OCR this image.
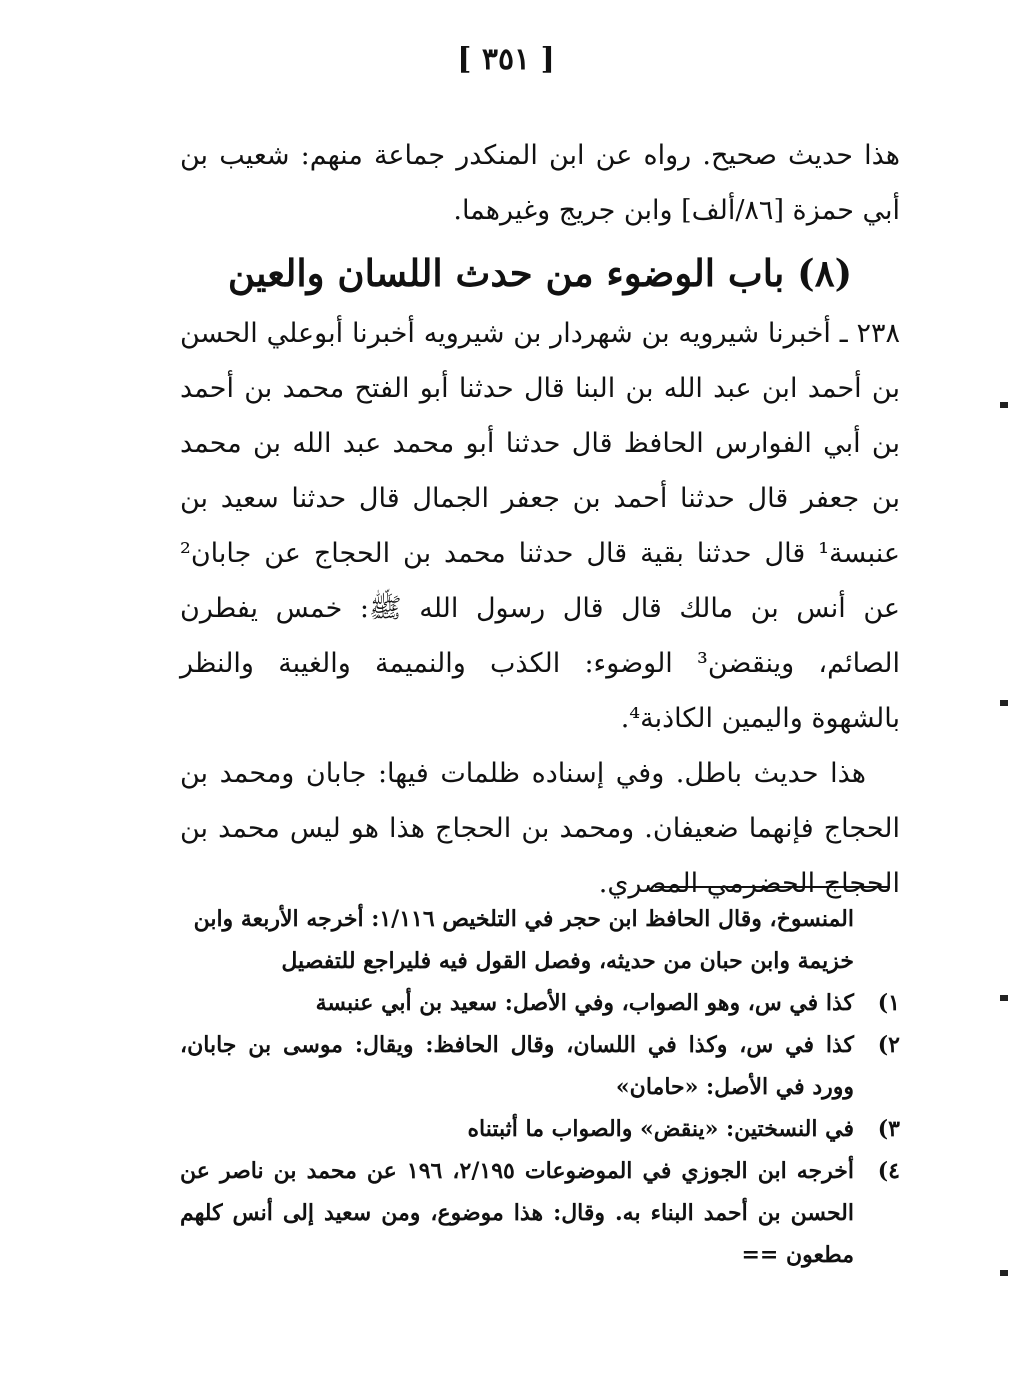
[ ٣٥١ ]

هذا حديث صحيح. رواه عن ابن المنكدر جماعة منهم: شعيب بن أبي حمزة [٨٦/ألف] وابن جريج وغيرهما.

(٨) باب الوضوء من حدث اللسان والعين

٢٣٨ ـ أخبرنا شيرويه بن شهردار بن شيرويه أخبرنا أبوعلي الحسن بن أحمد ابن عبد الله بن البنا قال حدثنا أبو الفتح محمد بن أحمد بن أبي الفوارس الحافظ قال حدثنا أبو محمد عبد الله بن محمد بن جعفر قال حدثنا أحمد بن جعفر الجمال قال حدثنا سعيد بن عنبسة¹ قال حدثنا بقية قال حدثنا محمد بن الحجاج عن جابان² عن أنس بن مالك قال قال رسول الله ﷺ: خمس يفطرن الصائم، وينقضن³ الوضوء: الكذب والنميمة والغيبة والنظر بالشهوة واليمين الكاذبة⁴.

هذا حديث باطل. وفي إسناده ظلمات فيها: جابان ومحمد بن الحجاج فإنهما ضعيفان. ومحمد بن الحجاج هذا هو ليس محمد بن الحجاج الحضرمي المصري.

المنسوخ، وقال الحافظ ابن حجر في التلخيص ١/١١٦: أخرجه الأربعة وابن خزيمة وابن حبان من حديثه، وفصل القول فيه فليراجع للتفصيل
١)
كذا في س، وهو الصواب، وفي الأصل: سعيد بن أبي عنبسة
٢)
كذا في س، وكذا في اللسان، وقال الحافظ: ويقال: موسى بن جابان، وورد في الأصل: «حامان»
٣)
في النسختين: «ينقض» والصواب ما أثبتناه
٤)
أخرجه ابن الجوزي في الموضوعات ٢/١٩٥، ١٩٦ عن محمد بن ناصر عن الحسن بن أحمد البناء به. وقال: هذا موضوع، ومن سعيد إلى أنس كلهم مطعون ==
